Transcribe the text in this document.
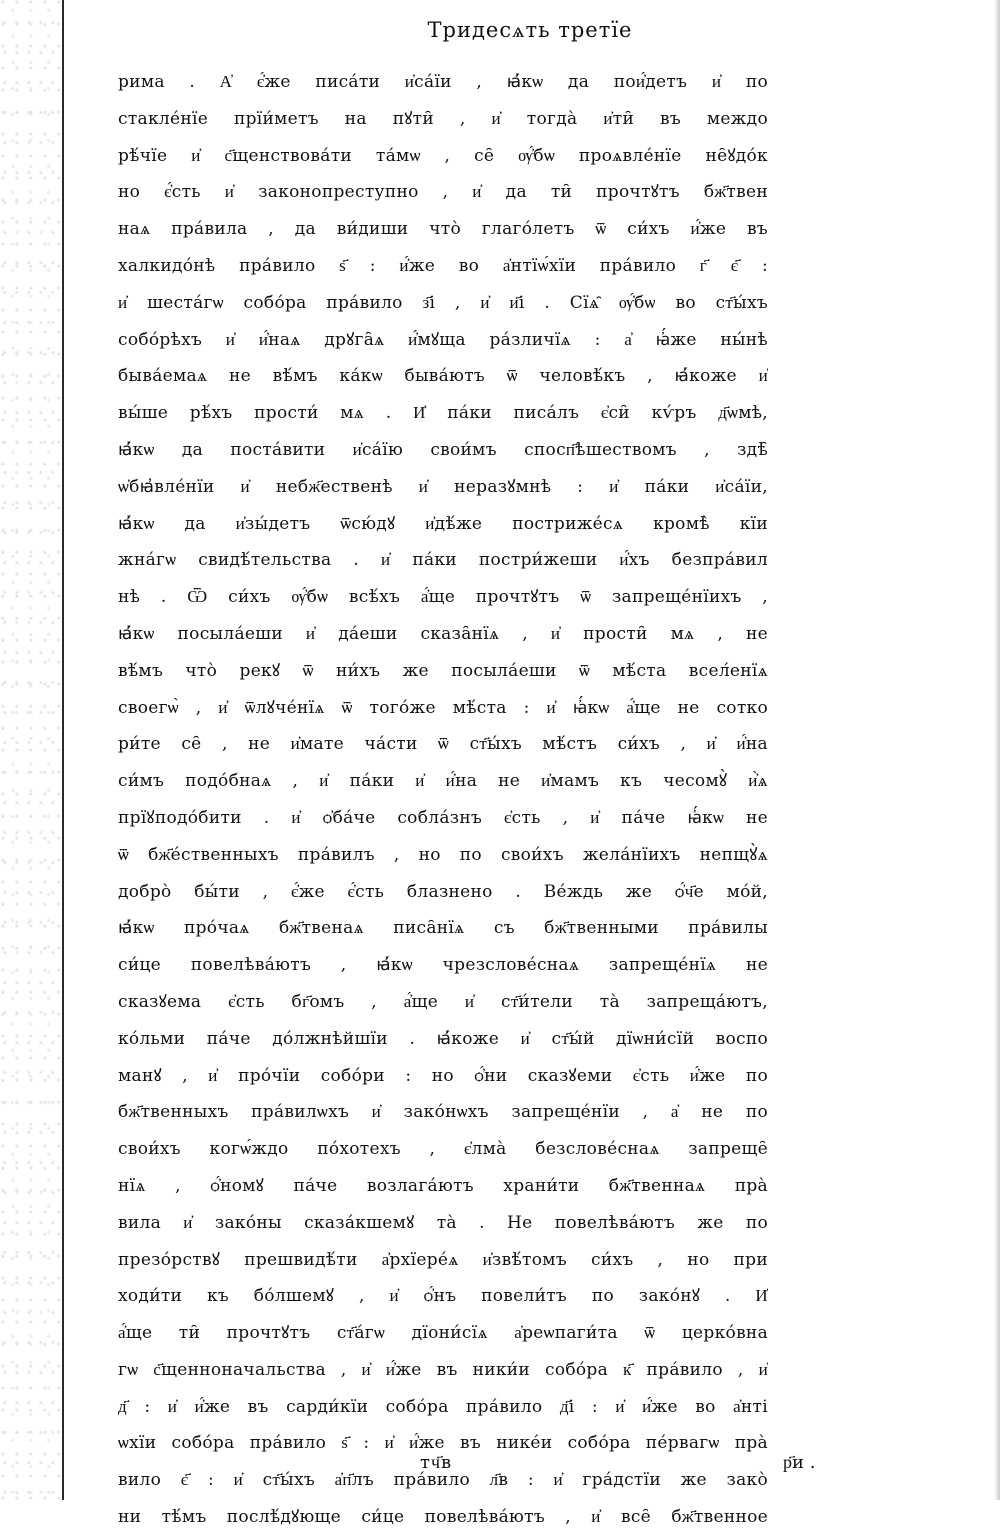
Тридесѧть третїе
римa . А҆ є҆́же писа́ти и҆са́їи , ꙗ҆́кѡ да пои҆́детъ и҆ по
стакле́нїе прїи́метъ на пꙋти̑ , и҆ тогда̀ и҆ти̑ въ междо
рѣ́чїе и҆ с҃щенствова́ти та́мѡ , се̑ ѹ҆́бѡ проѧвле́нїе не̑ꙋдо́к
но є҆́сть и҆ законопреступно , и҆ да ти̑ прочтꙋтъ бж҃твен
наѧ пра́вила , да ви́диши что̀ глаго́летъ ѿ си́хъ и҆́же въ
халкидо́нѣ пра́вило ѕ҃ : и҆́же во а҆нтїѡ́хїи пра́вило г҃ є҃ :
и҆ шеста́гѡ собо́ра пра́вило з҃і , и҆ и҃і . Сїѧ̑ ѹ҆́бѡ во ст҃ы́хъ
собо́рѣхъ и҆ и҆́наѧ дрꙋга̑ѧ и҆́мꙋща ра́зличїѧ : а҆ ꙗ҆́же ны́нѣ
быва́емаѧ не вѣ́мъ ка́кѡ быва́ютъ ѿ человѣ́къ , ꙗ҆́коже и҆
вы́ше рѣ́хъ прости́ мѧ . И҆ па́ки писа́лъ є҆си̑ кѵ́ръ д҃ѡмѣ,
ꙗ҆́кѡ да поста́вити и҆са́їю свои́мъ спосп҃ѣшествомъ , здѣ̑
ѡ҆бꙗ҆вле́нїи и҆ небж҃ественѣ и҆ неразꙋмнѣ : и҆ па́ки и҆са́їи,
ꙗ҆́кѡ да и҆зы́детъ ѿсю́дꙋ и҆дѣ́же постриже́сѧ кромѣ̀ кїи
жна́гѡ свидѣ́тельства . и҆ па́ки постри́жеши и҆́хъ безпра́вил
нѣ . Ѿ си́хъ ѹ҆́бѡ всѣ́хъ а҆́ще прочтꙋтъ ѿ запреще́нїихъ ,
ꙗ҆́кѡ посыла́еши и҆ да́еши сказа̑нїѧ , и҆ прости̑ мѧ , не
вѣ́мъ что̀ рекꙋ ѿ ни́хъ же посыла́еши ѿ мѣ́ста всел́енїѧ
своегѡ̀ , и҆ ѿлꙋче́нїѧ ѿ того́же мѣ́ста : и҆ ꙗ҆́кѡ а҆́ще не сотко
ри́те се̑ , не и҆мате ча́сти ѿ ст҃ы́хъ мѣ́стъ си́хъ , и҆ и҆́на
си́мъ подо́бнаѧ , и҆ па́ки и҆ и҆́на не и҆мамъ къ чесомꙋ̀ и҆̀ѧ
прїꙋподо́бити . и҆ ѻ҆ба́че собла́знъ є҆сть , и҆ па́че ꙗ҆́кѡ не
ѿ бж҃е́ственныхъ пра́вилъ , но по свои́хъ жела́нїихъ непщꙋ̀ѧ
добро̀ бы́ти , є҆́же є҆́сть блазнено . Ве́ждь же ѻ҆́ч҃е мо́й,
ꙗ҆́кѡ про́чаѧ бж҃твенаѧ писа̑нїѧ съ бж҃твенными пра́вилы
си́це повелѣва́ютъ , ꙗ҆́кѡ чрезслове́снаѧ запреще́нїѧ не
сказꙋема є҆сть бг҃омъ , а҆́ще и҆ ст҃и́тели та̀ запреща́ютъ,
ко́льми па́че до́лжнѣйшїи . ꙗ҆́коже и҆ ст҃ы́й дїѡни́сїй воспо
манꙋ , и҆ про́чїи собо́ри : но ѻ҆́ни сказꙋеми є҆сть и҆́же по
бж҃твенныхъ пра́вилѡхъ и҆ зако́нѡхъ запреще́нїи , а҆ не по
свои́хъ когѡ́ждо по́хотехъ , є҆лма̀ безслове́снаѧ запреще̑
нїѧ , ѻ҆́номꙋ па́че возлага́ютъ храни́ти бж҃твеннаѧ пра̀
вила и҆ зако́ны сказа́кшемꙋ та̀ . Не повелѣва́ютъ же по
презо́рствꙋ прешвидѣ́ти а҆рхїере́ѧ и҆звѣ́томъ си́хъ , но при
ходи́ти къ бо́лшемꙋ , и҆ ѻ҆́нъ повели́тъ по зако́нꙋ . И҆
а҆́ще ти̑ прочтꙋтъ ст҃а́гѡ дїони́сїѧ а҆реѡпаги́та ѿ церко́вна
гѡ с҃щенноначальства , и҆ и҆́же въ ники́и собо́ра к҃ пра́вило , и҆
д҃ : и҆ и҆́же въ сарди́кїи собо́ра пра́вило д҃і : и҆ и҆́же во а҆нті
ѡхїи собо́ра пра́вило ѕ҃ : и҆ и҆́же въ нике́и собо́ра пе́рвагѡ пра̀
вило є҃ : и҆ ст҃ы́хъ а҆п҃лъ пра́вило л҃в : и҆ гра́дстїи же зако̀
ни тѣ́мъ послѣ́дꙋюще си́це повелѣва́ютъ , и҆ все̑ бж҃твенное
тч҃в	р҃и .
